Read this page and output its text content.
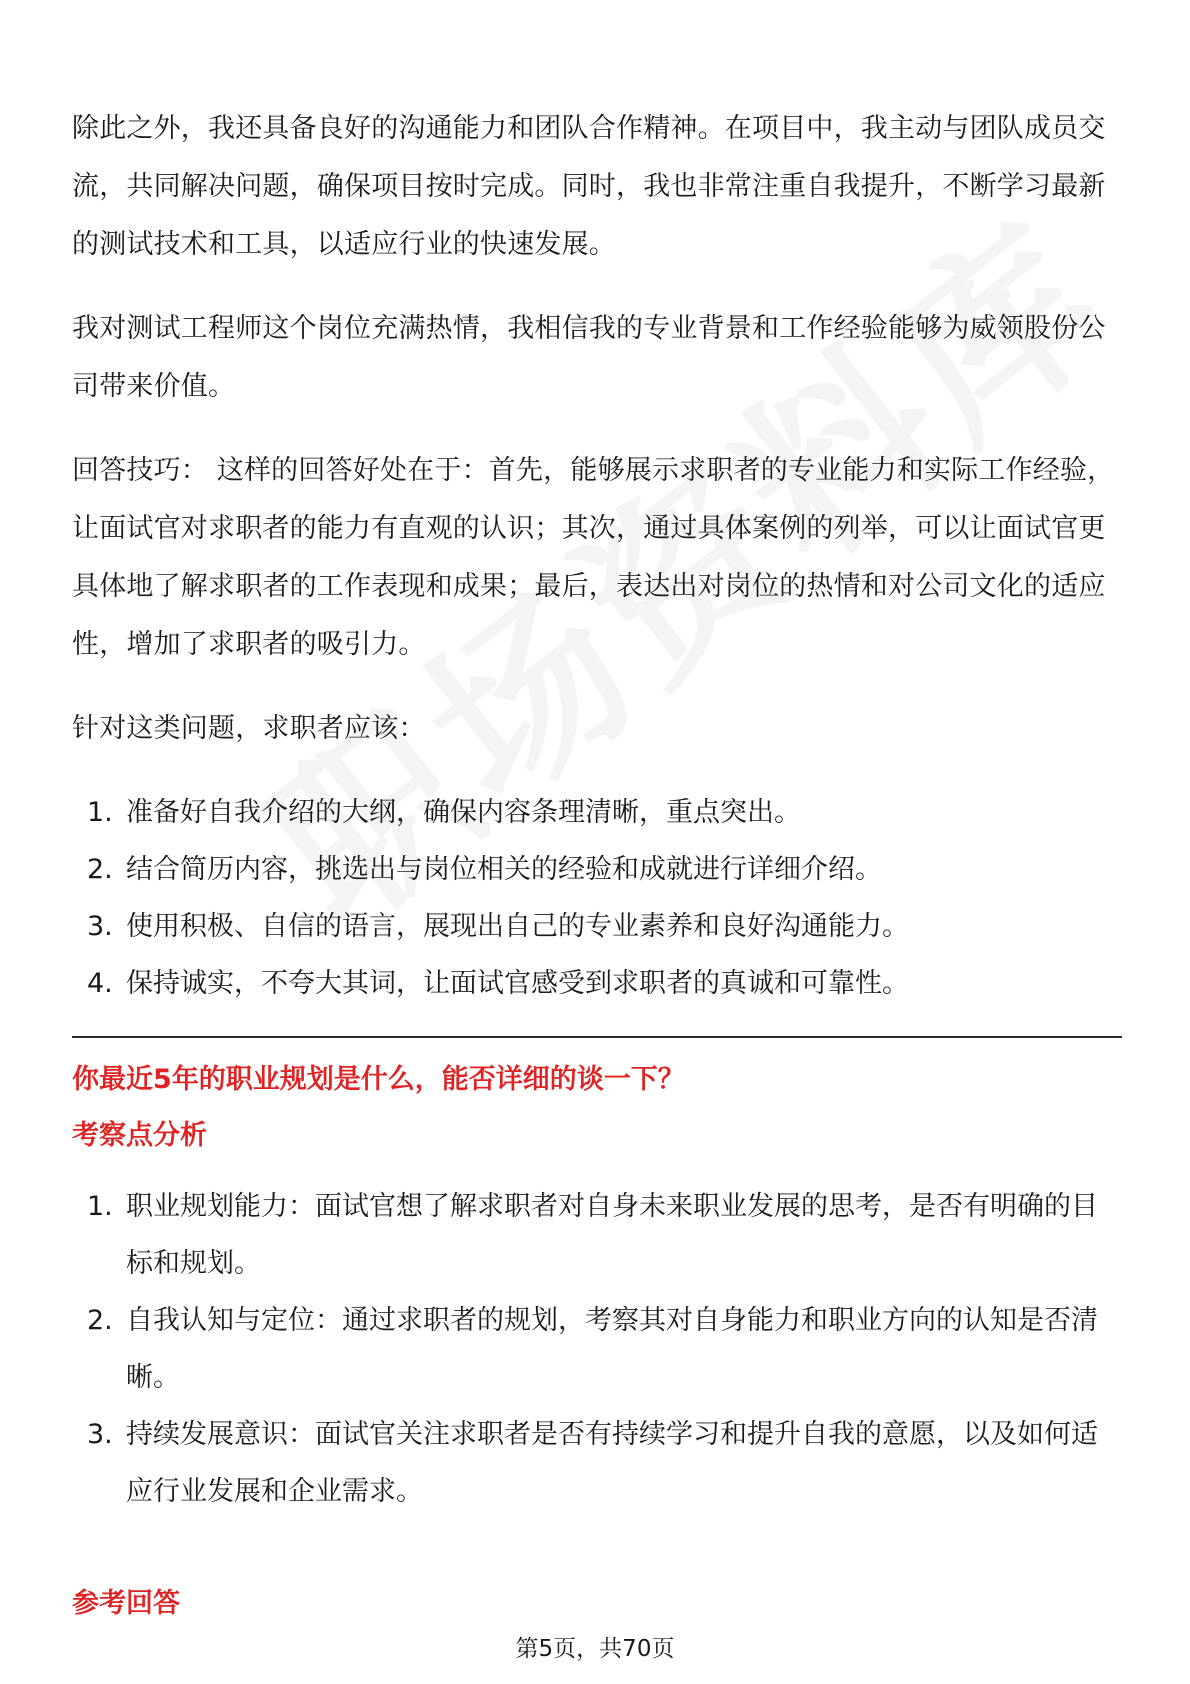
除此之外，我还具备良好的沟通能力和团队合作精神。在项目中，我主动与团队成员交流，共同解决问题，确保项目按时完成。同时，我也非常注重自我提升，不断学习最新的测试技术和工具，以适应行业的快速发展。

我对测试工程师这个岗位充满热情，我相信我的专业背景和工作经验能够为威领股份公司带来价值。

回答技巧： 这样的回答好处在于：首先，能够展示求职者的专业能力和实际工作经验，让面试官对求职者的能力有直观的认识；其次，通过具体案例的列举，可以让面试官更具体地了解求职者的工作表现和成果；最后，表达出对岗位的热情和对公司文化的适应性，增加了求职者的吸引力。

针对这类问题，求职者应该：

1. 准备好自我介绍的大纲，确保内容条理清晰，重点突出。
2. 结合简历内容，挑选出与岗位相关的经验和成就进行详细介绍。
3. 使用积极、自信的语言，展现出自己的专业素养和良好沟通能力。
4. 保持诚实，不夸大其词，让面试官感受到求职者的真诚和可靠性。
你最近5年的职业规划是什么，能否详细的谈一下？
考察点分析
1. 职业规划能力：面试官想了解求职者对自身未来职业发展的思考，是否有明确的目标和规划。
2. 自我认知与定位：通过求职者的规划，考察其对自身能力和职业方向的认知是否清晰。
3. 持续发展意识：面试官关注求职者是否有持续学习和提升自我的意愿，以及如何适应行业发展和企业需求。
参考回答
第5页，共70页
